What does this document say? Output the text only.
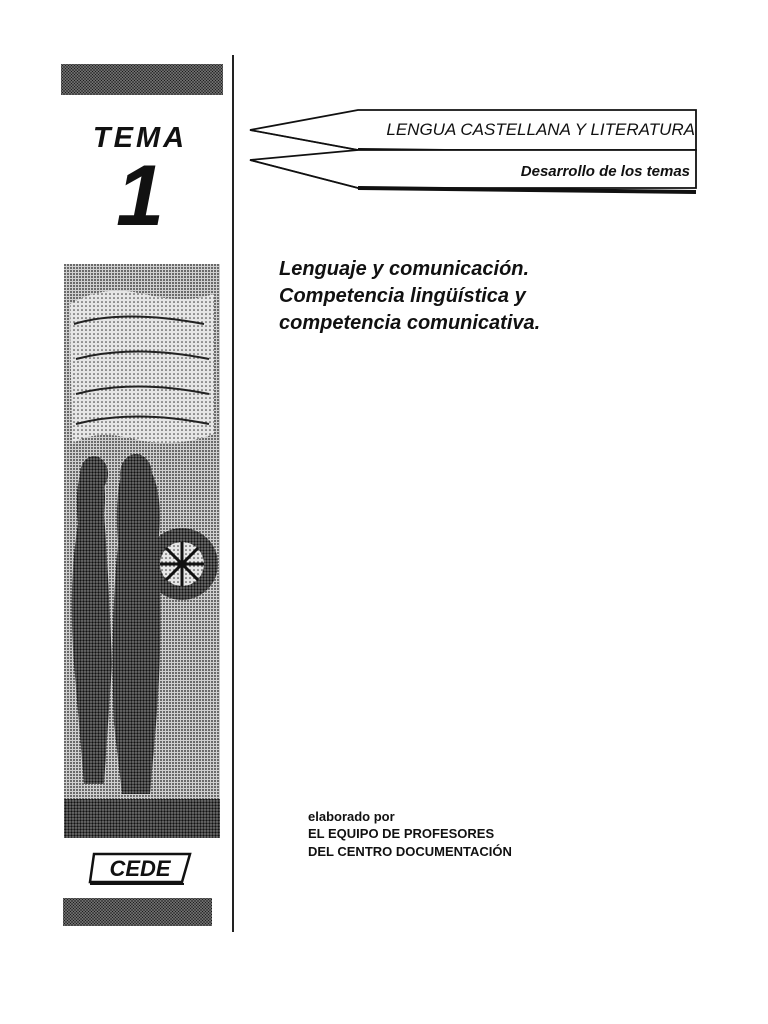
TEMA
1
CEDE
LENGUA CASTELLANA Y LITERATURA
Desarrollo de los temas
Lenguaje y comunicación.
Competencia lingüística y
competencia comunicativa.
elaborado por
EL EQUIPO DE PROFESORES
DEL CENTRO DOCUMENTACIÓN
